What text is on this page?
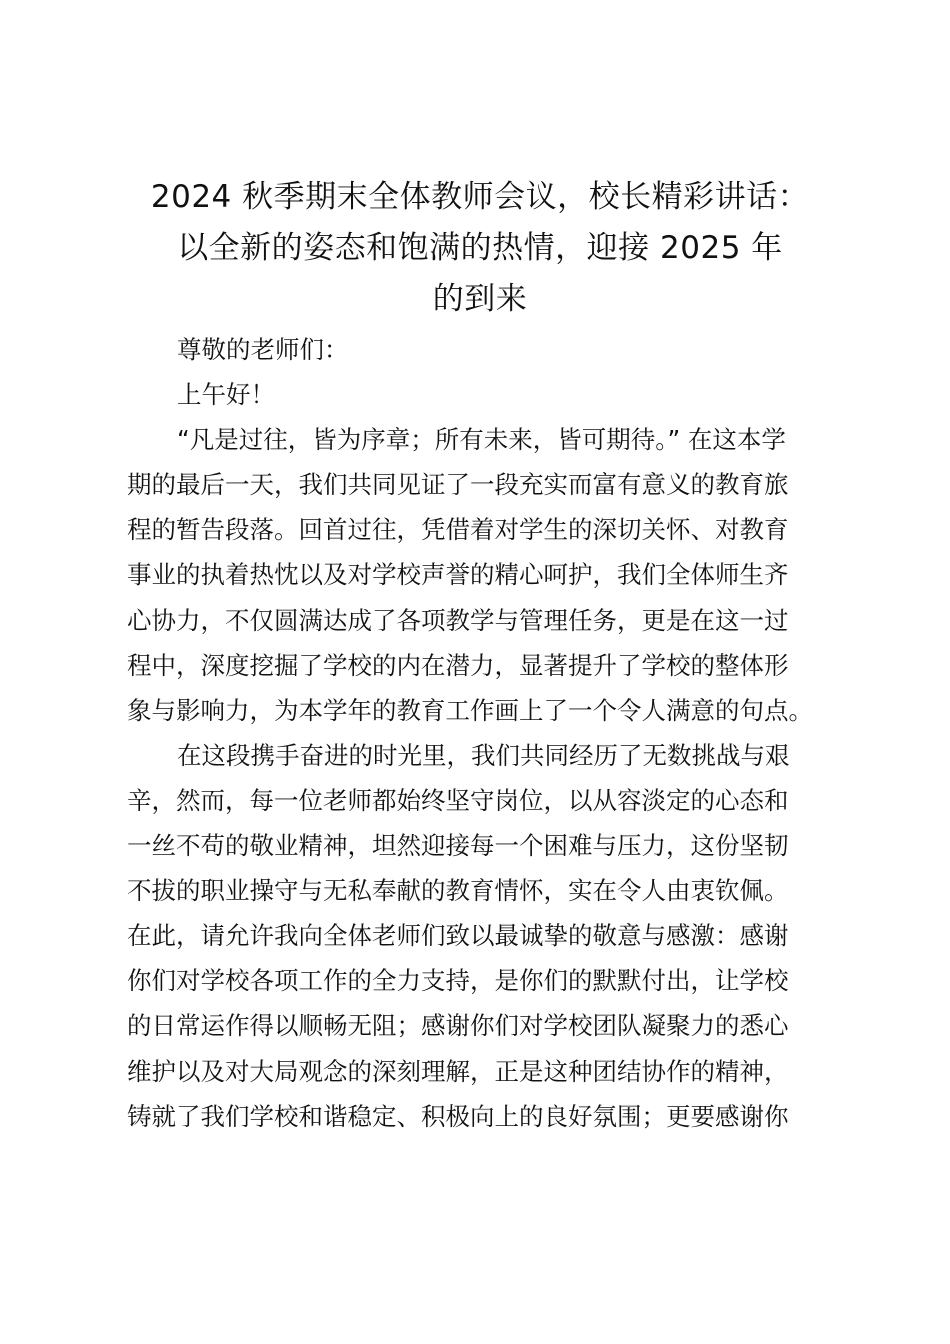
2024 秋季期末全体教师会议，校长精彩讲话：
以全新的姿态和饱满的热情，迎接 2025 年
的到来
尊敬的老师们：
上午好！
“凡是过往，皆为序章；所有未来，皆可期待。” 在这本学
期的最后一天，我们共同见证了一段充实而富有意义的教育旅
程的暂告段落。回首过往，凭借着对学生的深切关怀、对教育
事业的执着热忱以及对学校声誉的精心呵护，我们全体师生齐
心协力，不仅圆满达成了各项教学与管理任务，更是在这一过
程中，深度挖掘了学校的内在潜力，显著提升了学校的整体形
象与影响力，为本学年的教育工作画上了一个令人满意的句点。
在这段携手奋进的时光里，我们共同经历了无数挑战与艰
辛，然而，每一位老师都始终坚守岗位，以从容淡定的心态和
一丝不苟的敬业精神，坦然迎接每一个困难与压力，这份坚韧
不拔的职业操守与无私奉献的教育情怀，实在令人由衷钦佩。
在此，请允许我向全体老师们致以最诚挚的敬意与感激：感谢
你们对学校各项工作的全力支持，是你们的默默付出，让学校
的日常运作得以顺畅无阻；感谢你们对学校团队凝聚力的悉心
维护以及对大局观念的深刻理解，正是这种团结协作的精神，
铸就了我们学校和谐稳定、积极向上的良好氛围；更要感谢你
